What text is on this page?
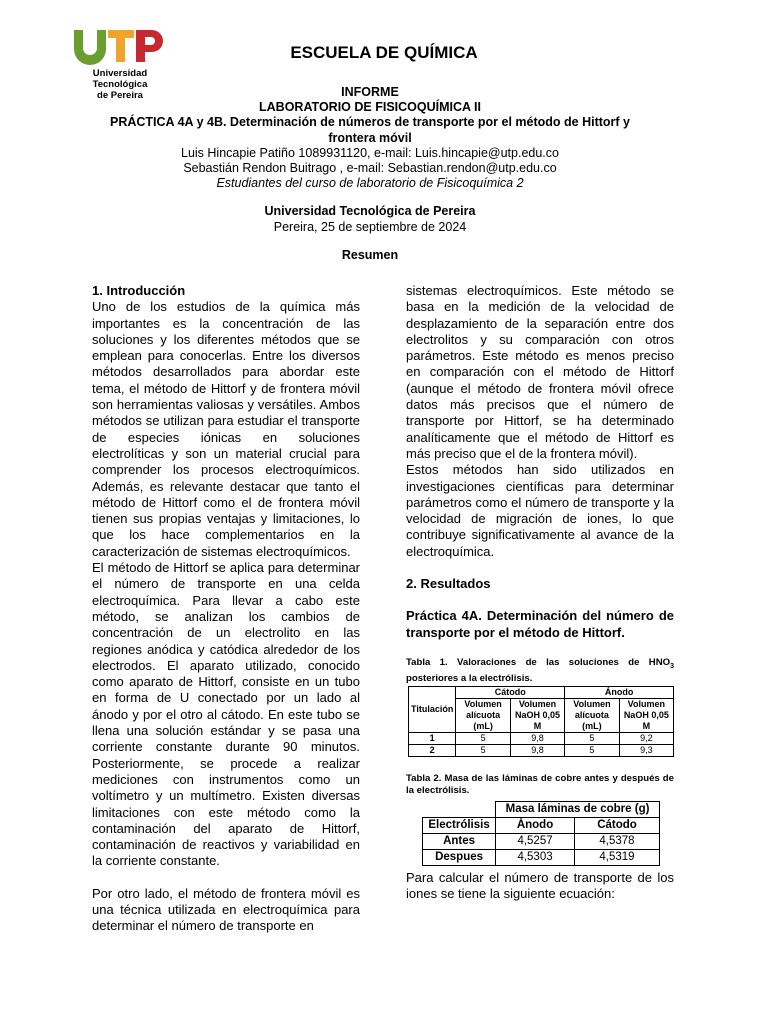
Universidad Tecnológica
de Pereira
ESCUELA DE QUÍMICA
INFORME
LABORATORIO DE FISICOQUÍMICA II
PRÁCTICA 4A y 4B. Determinación de números de transporte por el método de Hittorf y
frontera móvil
Luis Hincapie Patiño 1089931120, e-mail: Luis.hincapie@utp.edu.co
Sebastián Rendon Buitrago , e-mail: Sebastian.rendon@utp.edu.co
Estudiantes del curso de laboratorio de Fisicoquímica 2
Universidad Tecnológica de Pereira
Pereira, 25 de septiembre de 2024
Resumen

1. Introducción

Uno de los estudios de la química más importantes es la concentración de las soluciones y los diferentes métodos que se emplean para conocerlas. Entre los diversos métodos desarrollados para abordar este tema, el método de Hittorf y de frontera móvil son herramientas valiosas y versátiles. Ambos métodos se utilizan para estudiar el transporte de especies iónicas en soluciones electrolíticas y son un material crucial para comprender los procesos electroquímicos. Además, es relevante destacar que tanto el método de Hittorf como el de frontera móvil tienen sus propias ventajas y limitaciones, lo que los hace complementarios en la caracterización de sistemas electroquímicos.

El método de Hittorf se aplica para determinar el número de transporte en una celda electroquímica. Para llevar a cabo este método, se analizan los cambios de concentración de un electrolito en las regiones anódica y catódica alrededor de los electrodos. El aparato utilizado, conocido como aparato de Hittorf, consiste en un tubo en forma de U conectado por un lado al ánodo y por el otro al cátodo. En este tubo se llena una solución estándar y se pasa una corriente constante durante 90 minutos. Posteriormente, se procede a realizar mediciones con instrumentos como un voltímetro y un multímetro. Existen diversas limitaciones con este método como la contaminación del aparato de Hittorf, contaminación de reactivos y variabilidad en la corriente constante.

Por otro lado, el método de frontera móvil es una técnica utilizada en electroquímica para determinar el número de transporte en

sistemas electroquímicos. Este método se basa en la medición de la velocidad de desplazamiento de la separación entre dos electrolitos y su comparación con otros parámetros. Este método es menos preciso en comparación con el método de Hittorf (aunque el método de frontera móvil ofrece datos más precisos que el número de transporte por Hittorf, se ha determinado analíticamente que el método de Hittorf es más preciso que el de la frontera móvil).

Estos métodos han sido utilizados en investigaciones científicas para determinar parámetros como el número de transporte y la velocidad de migración de iones, lo que contribuye significativamente al avance de la electroquímica.

2. Resultados

Práctica 4A. Determinación del número de transporte por el método de Hittorf.

Tabla 1. Valoraciones de las soluciones de $HNO_3$ posteriores a la electrólisis.

Titulación	Cátodo		Ánodo	
	Volumen alícuota (mL)	Volumen NaOH 0,05 M	Volumen alícuota (mL)	Volumen NaOH 0,05 M
1	5	9,8	5	9,2
2	5	9,8	5	9,3

Tabla 2. Masa de las láminas de cobre antes y después de la electrólisis.

	Masa láminas de cobre (g)	
Electrólisis	Ánodo	Cátodo
Antes	4,5257	4,5378
Despues	4,5303	4,5319

Para calcular el número de transporte de los iones se tiene la siguiente ecuación:
